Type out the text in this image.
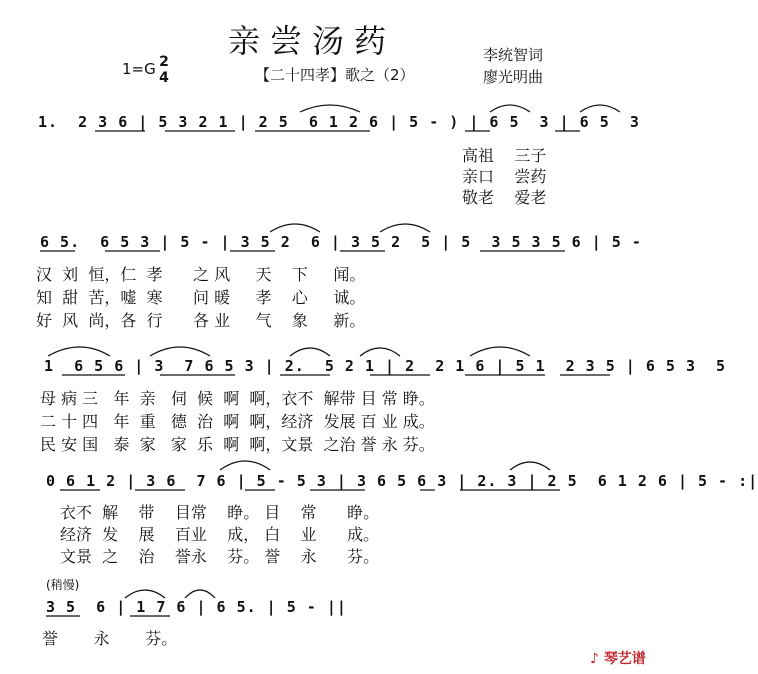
亲尝汤药	李统智词
廖光明曲
1=G 2
4	【二十四孝】歌之（2）
1.  2 3 6 | 5 3 2 1 | 2 5  6 1 2 6 | 5 - ) | 6 5  3 | 6 5  3
高祖    三子
亲口    尝药
敬老    爱老
6 5.  6 5 3 | 5 - | 3 5 2  6 | 3 5 2  5 | 5  3 5 3 5 6 | 5 -
汉  刘  恒，仁  孝      之 风     天    下     闻。
知  甜  苦，嘘  寒      问 暖     孝    心     诚。
好  风  尚，各  行      各 业     气    象     新。
1  6 5 6 | 3  7 6 5 3 | 2.  5 2 1 | 2  2 1 6 | 5 1  2 3 5 | 6 5 3  5
母 病 三   年  亲   伺  候  啊  啊，衣不  解带 目 常 睁。
二 十 四   年  重   德  治  啊  啊，经济  发展 百 业 成。
民 安 国   泰  家   家  乐  啊  啊，文景  之治 誉 永 芬。
0 6 1 2 | 3 6  7 6 | 5 - 5 3 | 3 6 5 6 3 | 2. 3 | 2 5  6 1 2 6 | 5 - :|
衣不  解    带    目常    睁。 目    常      睁。
经济  发    展    百业    成， 白    业      成。
文景  之    治    誉永    芬。 誉    永      芬。
(稍慢)
3 5  6 | 1 7 6 | 6 5. | 5 - ||
誉       永       芬。
♪ 琴艺谱
